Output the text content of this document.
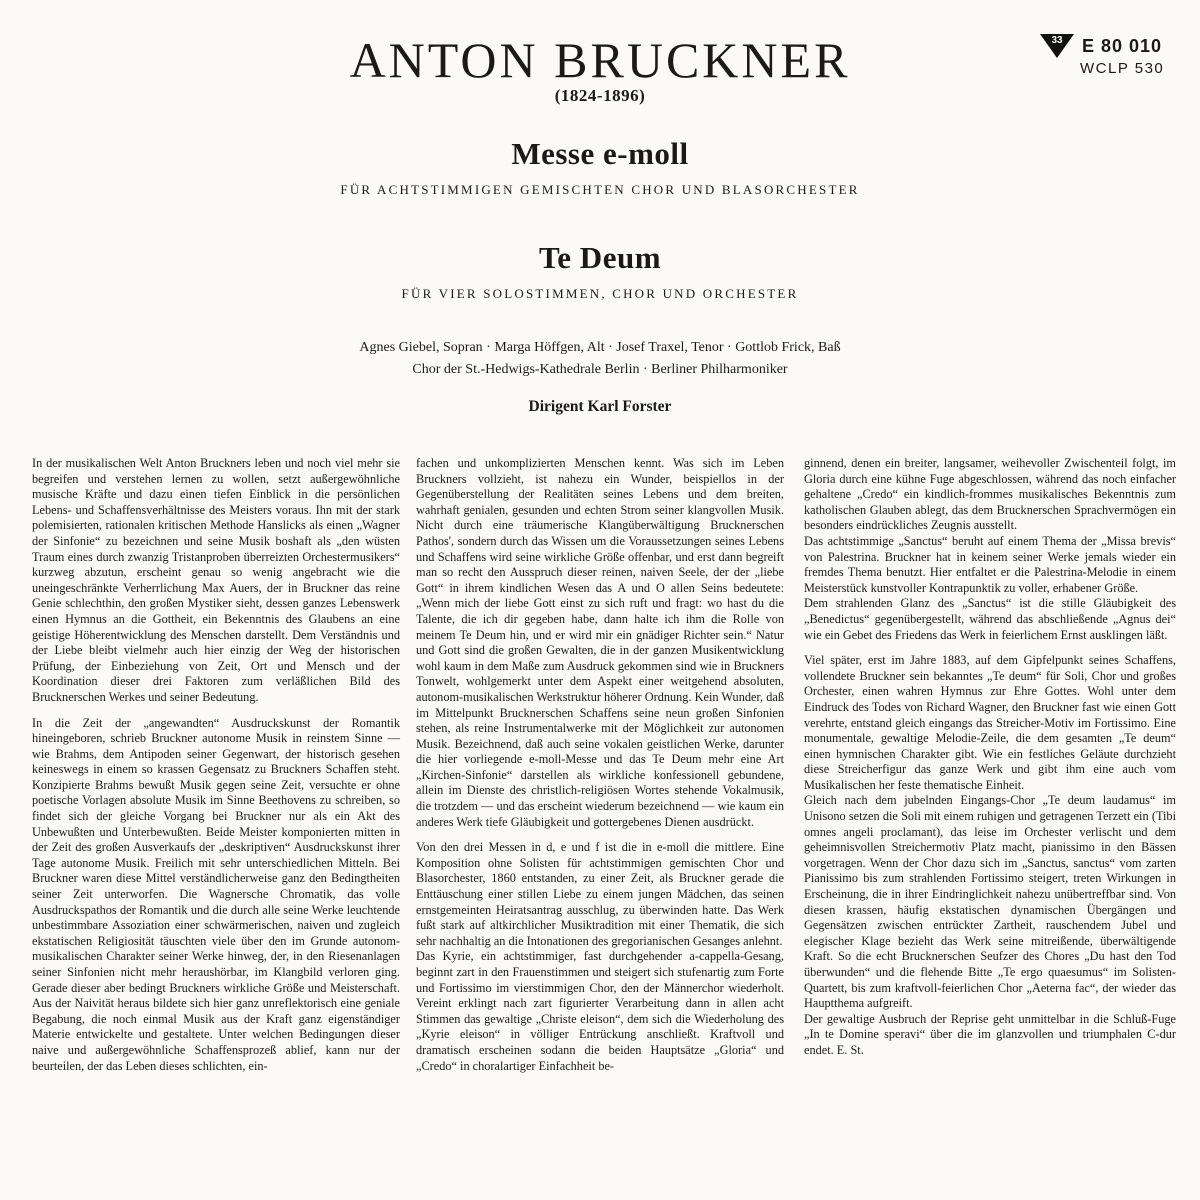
ANTON BRUCKNER
(1824-1896)
33	E 80 010
WCLP 530
Messe e-moll
FÜR ACHTSTIMMIGEN GEMISCHTEN CHOR UND BLASORCHESTER
Te Deum
FÜR VIER SOLOSTIMMEN, CHOR UND ORCHESTER
Agnes Giebel, Sopran · Marga Höffgen, Alt · Josef Traxel, Tenor · Gottlob Frick, Baß
Chor der St.-Hedwigs-Kathedrale Berlin · Berliner Philharmoniker
Dirigent Karl Forster

In der musikalischen Welt Anton Bruckners leben und noch viel mehr sie begreifen und verstehen lernen zu wollen, setzt außergewöhnliche musische Kräfte und dazu einen tiefen Einblick in die persönlichen Lebens- und Schaffensverhältnisse des Meisters voraus. Ihn mit der stark polemisierten, rationalen kritischen Methode Hanslicks als einen „Wagner der Sinfonie“ zu bezeichnen und seine Musik boshaft als „den wüsten Traum eines durch zwanzig Tristanproben überreizten Orchestermusikers“ kurzweg abzutun, erscheint genau so wenig angebracht wie die uneingeschränkte Verherrlichung Max Auers, der in Bruckner das reine Genie schlechthin, den großen Mystiker sieht, dessen ganzes Lebenswerk einen Hymnus an die Gottheit, ein Bekenntnis des Glaubens an eine geistige Höherentwicklung des Menschen darstellt. Dem Verständnis und der Liebe bleibt vielmehr auch hier einzig der Weg der historischen Prüfung, der Einbeziehung von Zeit, Ort und Mensch und der Koordination dieser drei Faktoren zum verläßlichen Bild des Brucknerschen Werkes und seiner Bedeutung.

In die Zeit der „angewandten“ Ausdruckskunst der Romantik hineingeboren, schrieb Bruckner autonome Musik in reinstem Sinne — wie Brahms, dem Antipoden seiner Gegenwart, der historisch gesehen keineswegs in einem so krassen Gegensatz zu Bruckners Schaffen steht. Konzipierte Brahms bewußt Musik gegen seine Zeit, versuchte er ohne poetische Vorlagen absolute Musik im Sinne Beethovens zu schreiben, so findet sich der gleiche Vorgang bei Bruckner nur als ein Akt des Unbewußten und Unterbewußten. Beide Meister komponierten mitten in der Zeit des großen Ausverkaufs der „deskriptiven“ Ausdruckskunst ihrer Tage autonome Musik. Freilich mit sehr unterschiedlichen Mitteln. Bei Bruckner waren diese Mittel verständlicherweise ganz den Bedingtheiten seiner Zeit unterworfen. Die Wagnersche Chromatik, das volle Ausdruckspathos der Romantik und die durch alle seine Werke leuchtende unbestimmbare Assoziation einer schwärmerischen, naiven und zugleich ekstatischen Religiosität täuschten viele über den im Grunde autonom-musikalischen Charakter seiner Werke hinweg, der, in den Riesenanlagen seiner Sinfonien nicht mehr heraushörbar, im Klangbild verloren ging. Gerade dieser aber bedingt Bruckners wirkliche Größe und Meisterschaft. Aus der Naivität heraus bildete sich hier ganz unreflektorisch eine geniale Begabung, die noch einmal Musik aus der Kraft ganz eigenständiger Materie entwickelte und gestaltete. Unter welchen Bedingungen dieser naive und außergewöhnliche Schaffensprozeß ablief, kann nur der beurteilen, der das Leben dieses schlichten, ein-

fachen und unkomplizierten Menschen kennt. Was sich im Leben Bruckners vollzieht, ist nahezu ein Wunder, beispiellos in der Gegenüberstellung der Realitäten seines Lebens und dem breiten, wahrhaft genialen, gesunden und echten Strom seiner klangvollen Musik. Nicht durch eine träumerische Klangüberwältigung Brucknerschen Pathos', sondern durch das Wissen um die Voraussetzungen seines Lebens und Schaffens wird seine wirkliche Größe offenbar, und erst dann begreift man so recht den Ausspruch dieser reinen, naiven Seele, der der „liebe Gott“ in ihrem kindlichen Wesen das A und O allen Seins bedeutete: „Wenn mich der liebe Gott einst zu sich ruft und fragt: wo hast du die Talente, die ich dir gegeben habe, dann halte ich ihm die Rolle von meinem Te Deum hin, und er wird mir ein gnädiger Richter sein.“ Natur und Gott sind die großen Gewalten, die in der ganzen Musikentwicklung wohl kaum in dem Maße zum Ausdruck gekommen sind wie in Bruckners Tonwelt, wohlgemerkt unter dem Aspekt einer weitgehend absoluten, autonom-musikalischen Werkstruktur höherer Ordnung. Kein Wunder, daß im Mittelpunkt Brucknerschen Schaffens seine neun großen Sinfonien stehen, als reine Instrumentalwerke mit der Möglichkeit zur autonomen Musik. Bezeichnend, daß auch seine vokalen geistlichen Werke, darunter die hier vorliegende e-moll-Messe und das Te Deum mehr eine Art „Kirchen-Sinfonie“ darstellen als wirkliche konfessionell gebundene, allein im Dienste des christlich-religiösen Wortes stehende Vokalmusik, die trotzdem — und das erscheint wiederum bezeichnend — wie kaum ein anderes Werk tiefe Gläubigkeit und gottergebenes Dienen ausdrückt.

Von den drei Messen in d, e und f ist die in e-moll die mittlere. Eine Komposition ohne Solisten für achtstimmigen gemischten Chor und Blasorchester, 1860 entstanden, zu einer Zeit, als Bruckner gerade die Enttäuschung einer stillen Liebe zu einem jungen Mädchen, das seinen ernstgemeinten Heiratsantrag ausschlug, zu überwinden hatte. Das Werk fußt stark auf altkirchlicher Musiktradition mit einer Thematik, die sich sehr nachhaltig an die Intonationen des gregorianischen Gesanges anlehnt.

Das Kyrie, ein achtstimmiger, fast durchgehender a-cappella-Gesang, beginnt zart in den Frauenstimmen und steigert sich stufenartig zum Forte und Fortissimo im vierstimmigen Chor, den der Männerchor wiederholt. Vereint erklingt nach zart figurierter Verarbeitung dann in allen acht Stimmen das gewaltige „Christe eleison“, dem sich die Wiederholung des „Kyrie eleison“ in völliger Entrückung anschließt. Kraftvoll und dramatisch erscheinen sodann die beiden Hauptsätze „Gloria“ und „Credo“ in choralartiger Einfachheit be-

ginnend, denen ein breiter, langsamer, weihevoller Zwischenteil folgt, im Gloria durch eine kühne Fuge abgeschlossen, während das noch einfacher gehaltene „Credo“ ein kindlich-frommes musikalisches Bekenntnis zum katholischen Glauben ablegt, das dem Brucknerschen Sprachvermögen ein besonders eindrückliches Zeugnis ausstellt.

Das achtstimmige „Sanctus“ beruht auf einem Thema der „Missa brevis“ von Palestrina. Bruckner hat in keinem seiner Werke jemals wieder ein fremdes Thema benutzt. Hier entfaltet er die Palestrina-Melodie in einem Meisterstück kunstvoller Kontrapunktik zu voller, erhabener Größe.

Dem strahlenden Glanz des „Sanctus“ ist die stille Gläubigkeit des „Benedictus“ gegenübergestellt, während das abschließende „Agnus dei“ wie ein Gebet des Friedens das Werk in feierlichem Ernst ausklingen läßt.

Viel später, erst im Jahre 1883, auf dem Gipfelpunkt seines Schaffens, vollendete Bruckner sein bekanntes „Te deum“ für Soli, Chor und großes Orchester, einen wahren Hymnus zur Ehre Gottes. Wohl unter dem Eindruck des Todes von Richard Wagner, den Bruckner fast wie einen Gott verehrte, entstand gleich eingangs das Streicher-Motiv im Fortissimo. Eine monumentale, gewaltige Melodie-Zeile, die dem gesamten „Te deum“ einen hymnischen Charakter gibt. Wie ein festliches Geläute durchzieht diese Streicherfigur das ganze Werk und gibt ihm eine auch vom Musikalischen her feste thematische Einheit.

Gleich nach dem jubelnden Eingangs-Chor „Te deum laudamus“ im Unisono setzen die Soli mit einem ruhigen und getragenen Terzett ein (Tibi omnes angeli proclamant), das leise im Orchester verlischt und dem geheimnisvollen Streichermotiv Platz macht, pianissimo in den Bässen vorgetragen. Wenn der Chor dazu sich im „Sanctus, sanctus“ vom zarten Pianissimo bis zum strahlenden Fortissimo steigert, treten Wirkungen in Erscheinung, die in ihrer Eindringlichkeit nahezu unübertreffbar sind. Von diesen krassen, häufig ekstatischen dynamischen Übergängen und Gegensätzen zwischen entrückter Zartheit, rauschendem Jubel und elegischer Klage bezieht das Werk seine mitreißende, überwältigende Kraft. So die echt Brucknerschen Seufzer des Chores „Du hast den Tod überwunden“ und die flehende Bitte „Te ergo quaesumus“ im Solisten-Quartett, bis zum kraftvoll-feierlichen Chor „Aeterna fac“, der wieder das Hauptthema aufgreift.

Der gewaltige Ausbruch der Reprise geht unmittelbar in die Schluß-Fuge „In te Domine speravi“ über die im glanzvollen und triumphalen C-dur endet. E. St.
